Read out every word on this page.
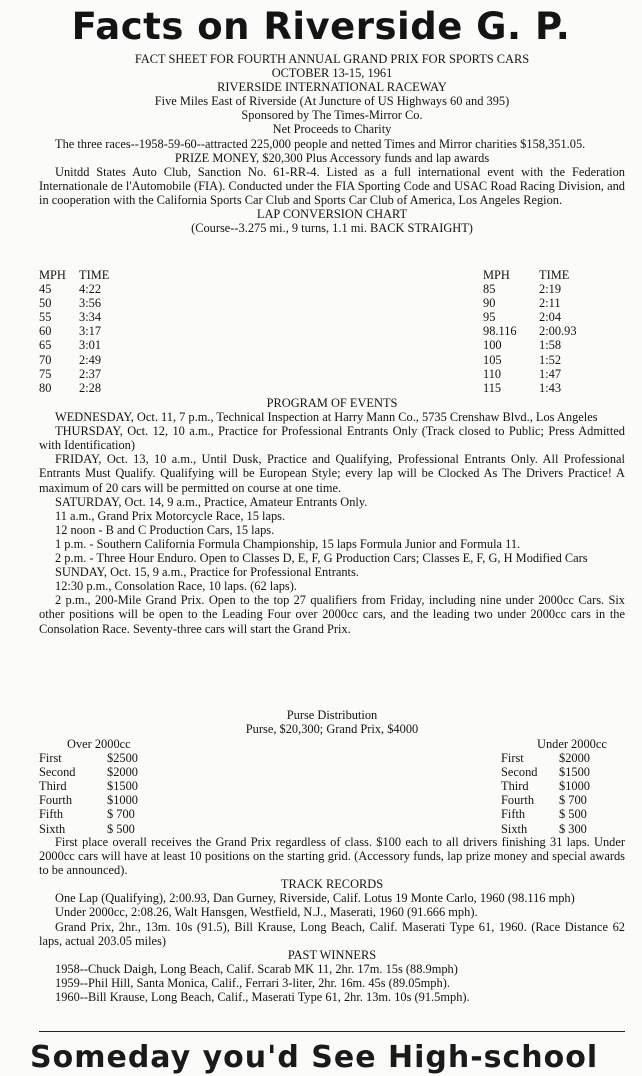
Facts on Riverside G. P.

FACT SHEET FOR FOURTH ANNUAL GRAND PRIX FOR SPORTS CARS

OCTOBER 13-15, 1961

RIVERSIDE INTERNATIONAL RACEWAY

Five Miles East of Riverside (At Juncture of US Highways 60 and 395)

Sponsored by The Times-Mirror Co.

Net Proceeds to Charity

The three races--1958-59-60--attracted 225,000 people and netted Times and Mirror charities $158,351.05.

PRIZE MONEY, $20,300 Plus Accessory funds and lap awards

Unitdd States Auto Club, Sanction No. 61-RR-4. Listed as a full international event with the Federation Internationale de l'Automobile (FIA). Conducted under the FIA Sporting Code and USAC Road Racing Division, and in cooperation with the California Sports Car Club and Sports Car Club of America, Los Angeles Region.

LAP CONVERSION CHART

(Course--3.275 mi., 9 turns, 1.1 mi. BACK STRAIGHT)

MPH	TIME
45	4:22
50	3:56
55	3:34
60	3:17
65	3:01
70	2:49
75	2:37
80	2:28
MPH	TIME
85	2:19
90	2:11
95	2:04
98.116	2:00.93
100	1:58
105	1:52
110	1:47
115	1:43

PROGRAM OF EVENTS

WEDNESDAY, Oct. 11, 7 p.m., Technical Inspection at Harry Mann Co., 5735 Crenshaw Blvd., Los Angeles

THURSDAY, Oct. 12, 10 a.m., Practice for Professional Entrants Only (Track closed to Public; Press Admitted with Identification)

FRIDAY, Oct. 13, 10 a.m., Until Dusk, Practice and Qualifying, Professional Entrants Only. All Professional Entrants Must Qualify. Qualifying will be European Style; every lap will be Clocked As The Drivers Practice! A maximum of 20 cars will be permitted on course at one time.

SATURDAY, Oct. 14, 9 a.m., Practice, Amateur Entrants Only.

11 a.m., Grand Prix Motorcycle Race, 15 laps.

12 noon - B and C Production Cars, 15 laps.

1 p.m. - Southern California Formula Championship, 15 laps Formula Junior and Formula 11.

2 p.m. - Three Hour Enduro. Open to Classes D, E, F, G Production Cars; Classes E, F, G, H Modified Cars

SUNDAY, Oct. 15, 9 a.m., Practice for Professional Entrants.

12:30 p.m., Consolation Race, 10 laps. (62 laps).

2 p.m., 200-Mile Grand Prix. Open to the top 27 qualifiers from Friday, including nine under 2000cc Cars. Six other positions will be open to the Leading Four over 2000cc cars, and the leading two under 2000cc cars in the Consolation Race. Seventy-three cars will start the Grand Prix.

Purse Distribution

Purse, $20,300; Grand Prix, $4000

Over 2000cc
First	$2500
Second	$2000
Third	$1500
Fourth	$1000
Fifth	$ 700
Sixth	$ 500
Under 2000cc
First	$2000
Second	$1500
Third	$1000
Fourth	$ 700
Fifth	$ 500
Sixth	$ 300

First place overall receives the Grand Prix regardless of class. $100 each to all drivers finishing 31 laps. Under 2000cc cars will have at least 10 positions on the starting grid. (Accessory funds, lap prize money and special awards to be announced).

TRACK RECORDS

One Lap (Qualifying), 2:00.93, Dan Gurney, Riverside, Calif. Lotus 19 Monte Carlo, 1960 (98.116 mph)

Under 2000cc, 2:08.26, Walt Hansgen, Westfield, N.J., Maserati, 1960 (91.666 mph).

Grand Prix, 2hr., 13m. 10s (91.5), Bill Krause, Long Beach, Calif. Maserati Type 61, 1960. (Race Distance 62 laps, actual 203.05 miles)

PAST WINNERS

1958--Chuck Daigh, Long Beach, Calif. Scarab MK 11, 2hr. 17m. 15s (88.9mph)

1959--Phil Hill, Santa Monica, Calif., Ferrari 3-liter, 2hr. 16m. 45s (89.05mph).

1960--Bill Krause, Long Beach, Calif., Maserati Type 61, 2hr. 13m. 10s (91.5mph).

Someday you'd See High-school
